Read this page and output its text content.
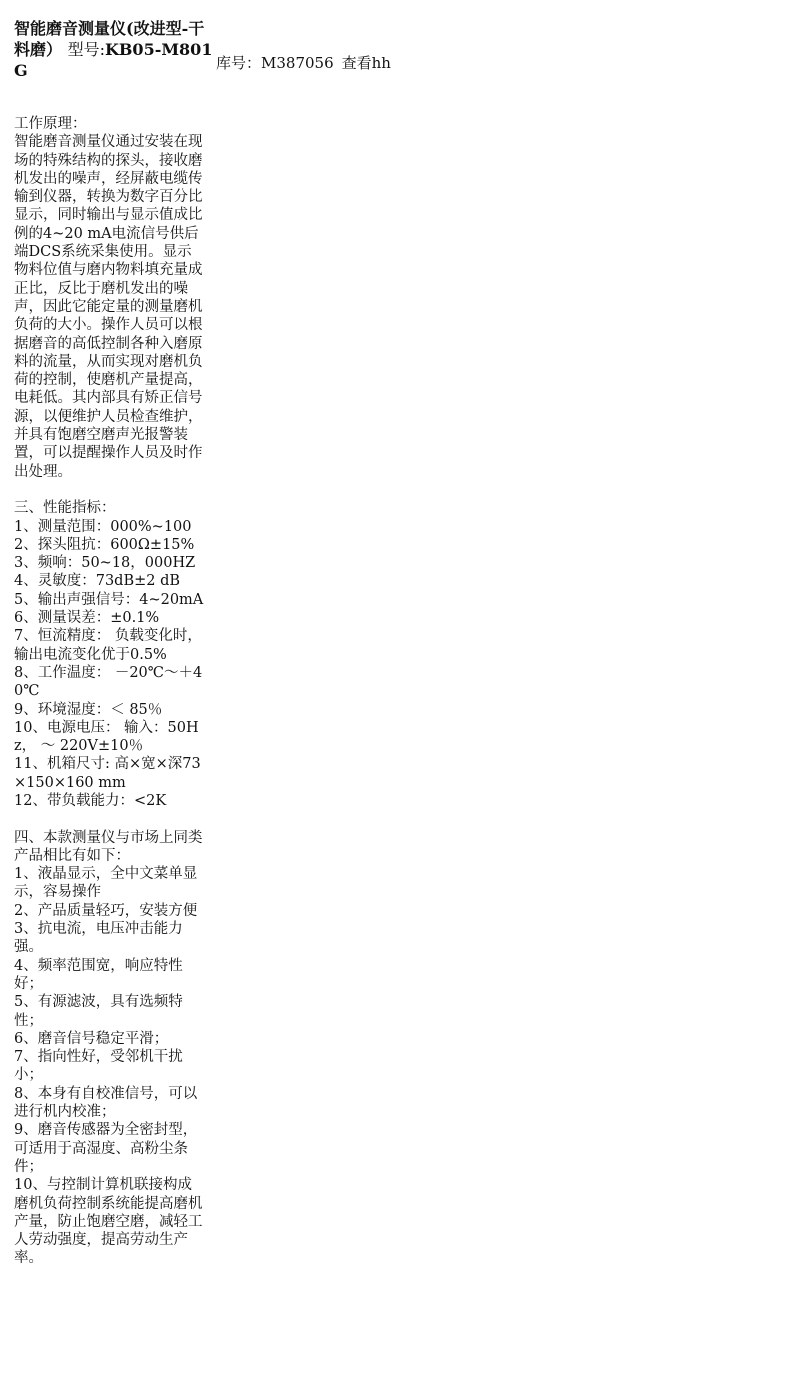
智能磨音测量仪(改进型-干料磨） 型号:KB05-M801G	库号：M387056 查看hh
工作原理：
智能磨音测量仪通过安装在现场的特殊结构的探头，接收磨机发出的噪声，经屏蔽电缆传输到仪器，转换为数字百分比显示，同时输出与显示值成比例的4~20 mA电流信号供后端DCS系统采集使用。显示物料位值与磨内物料填充量成正比，反比于磨机发出的噪声，因此它能定量的测量磨机负荷的大小。操作人员可以根据磨音的高低控制各种入磨原料的流量，从而实现对磨机负荷的控制，使磨机产量提高，电耗低。其内部具有矫正信号源，以便维护人员检查维护，并具有饱磨空磨声光报警装置，可以提醒操作人员及时作出处理。
三、性能指标：
1、测量范围：000%~100
2、探头阻抗：600Ω±15%
3、频响：50~18，000HZ
4、灵敏度：73dB±2 dB
5、输出声强信号：4~20mA
6、测量误差：±0.1%
7、恒流精度： 负载变化时，输出电流变化优于0.5%
8、工作温度： －20℃～＋40℃
9、环境湿度：＜ 85％
10、电源电压： 输入：50Hz， ～ 220V±10％
11、机箱尺寸: 高×宽×深73×150×160 mm
12、带负载能力：<2K
四、本款测量仪与市场上同类产品相比有如下：
1、液晶显示，全中文菜单显示，容易操作
2、产品质量轻巧，安装方便
3、抗电流，电压冲击能力强。
4、频率范围宽，响应特性好；
5、有源滤波，具有选频特性；
6、磨音信号稳定平滑；
7、指向性好，受邻机干扰小；
8、本身有自校准信号，可以进行机内校准；
9、磨音传感器为全密封型，可适用于高湿度、高粉尘条件；
10、与控制计算机联接构成磨机负荷控制系统能提高磨机产量，防止饱磨空磨，减轻工人劳动强度，提高劳动生产率。
